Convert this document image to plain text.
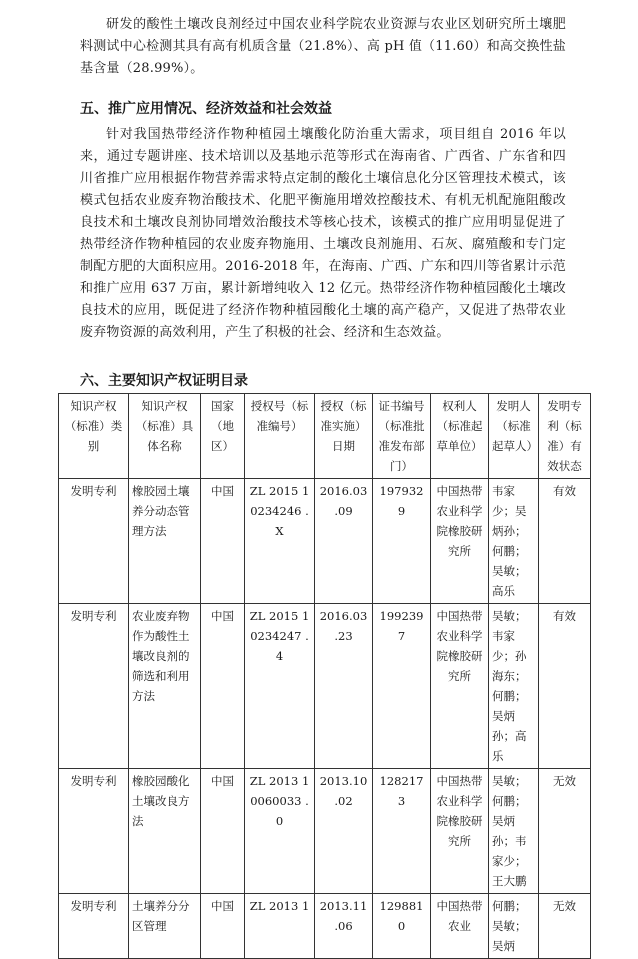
研发的酸性土壤改良剂经过中国农业科学院农业资源与农业区划研究所土壤肥料测试中心检测其具有高有机质含量（21.8%）、高 pH 值（11.60）和高交换性盐基含量（28.99%）。

五、推广应用情况、经济效益和社会效益

针对我国热带经济作物种植园土壤酸化防治重大需求，项目组自 2016 年以来，通过专题讲座、技术培训以及基地示范等形式在海南省、广西省、广东省和四川省推广应用根据作物营养需求特点定制的酸化土壤信息化分区管理技术模式，该模式包括农业废弃物治酸技术、化肥平衡施用增效控酸技术、有机无机配施阻酸改良技术和土壤改良剂协同增效治酸技术等核心技术，该模式的推广应用明显促进了热带经济作物种植园的农业废弃物施用、土壤改良剂施用、石灰、腐殖酸和专门定制配方肥的大面积应用。2016-2018 年，在海南、广西、广东和四川等省累计示范和推广应用 637 万亩，累计新增纯收入 12 亿元。热带经济作物种植园酸化土壤改良技术的应用，既促进了经济作物种植园酸化土壤的高产稳产，又促进了热带农业废弃物资源的高效利用，产生了积极的社会、经济和生态效益。

六、主要知识产权证明目录
知识产权（标准）类别	知识产权（标准）具体名称	国家（地区）	授权号（标准编号）	授权（标准实施）日期	证书编号（标准批准发布部门）	权利人（标准起草单位）	发明人（标准起草人）	发明专利（标准）有效状态
发明专利	橡胶园土壤养分动态管理方法	中国	ZL 2015 1 0234246 .X	2016.03 .09	1979329	中国热带农业科学院橡胶研究所	韦家少；吴炳孙；何鹏；吴敏；高乐	有效
发明专利	农业废弃物作为酸性土壤改良剂的筛选和利用方法	中国	ZL 2015 1 0234247 .4	2016.03 .23	1992397	中国热带农业科学院橡胶研究所	吴敏；韦家少；孙海东；何鹏；吴炳孙；高乐	有效
发明专利	橡胶园酸化土壤改良方法	中国	ZL 2013 1 0060033 .0	2013.10 .02	1282173	中国热带农业科学院橡胶研究所	吴敏；何鹏；吴炳孙；韦家少；王大鹏	无效
发明专利	土壤养分分区管理	中国	ZL 2013 1	2013.11 .06	1298810	中国热带农业	何鹏；吴敏；吴炳	无效
